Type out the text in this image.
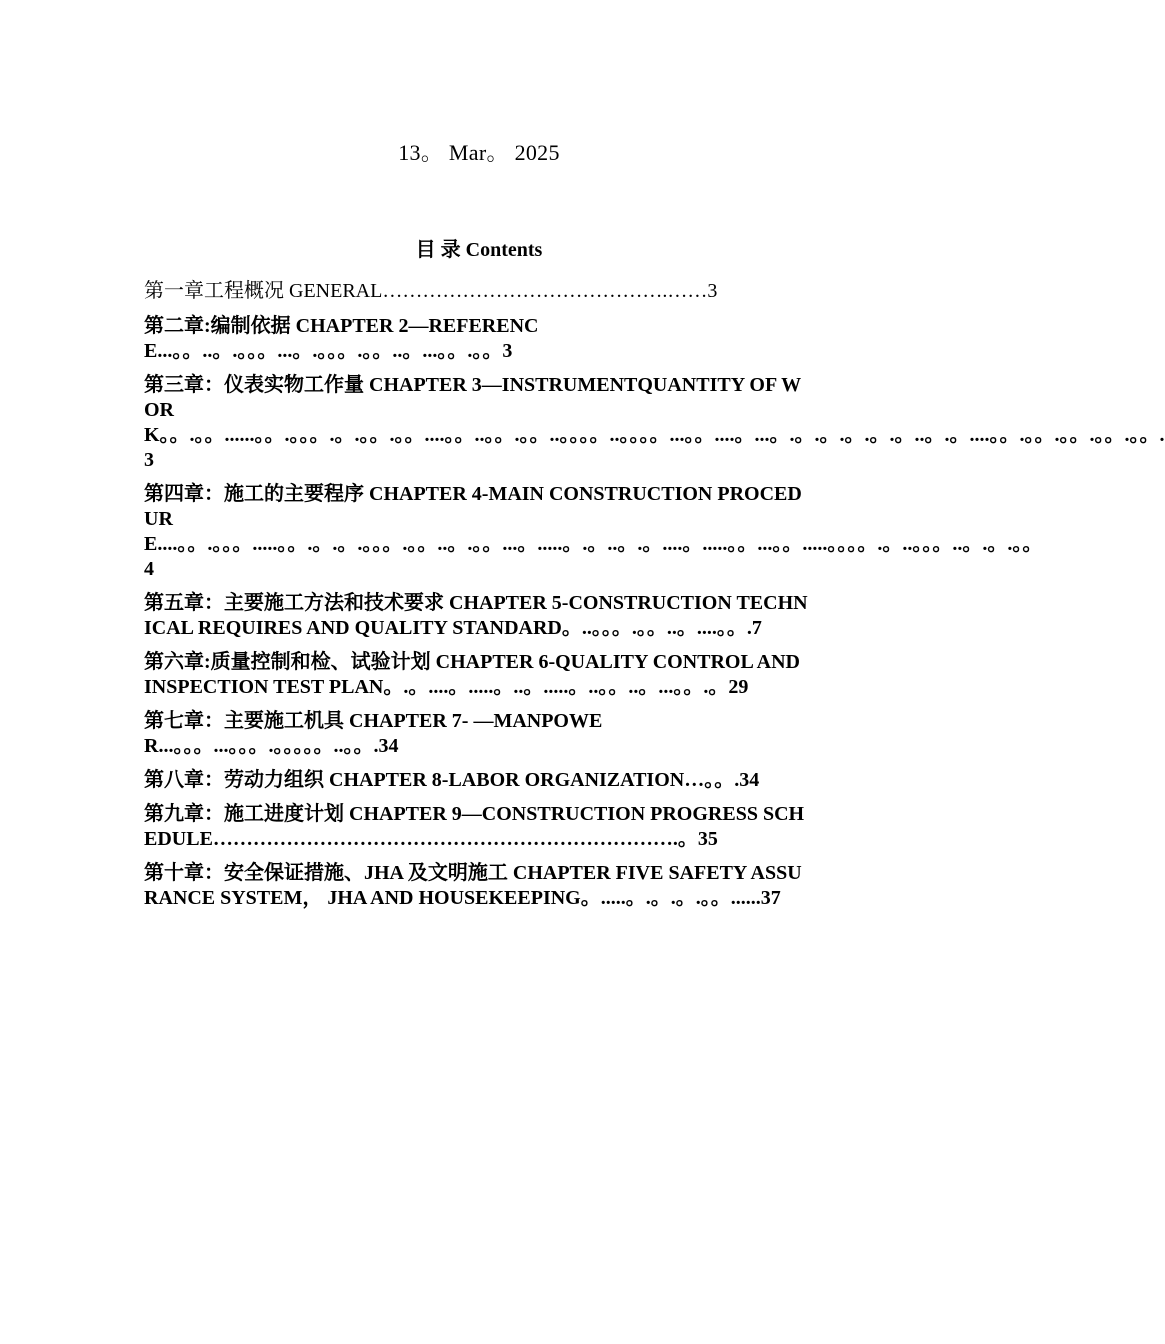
13。 Mar。 2025
目 录 Contents
第一章工程概况 GENERAL…………………………………….……3
第二章:编制依据 CHAPTER 2—REFERENCE...。。..。.。。。...。.。。。.。。..。...。。.。。3
第三章：仪表实物工作量 CHAPTER 3—INSTRUMENTQUANTITY OF WORK。。.。。......。。.。。。.。.。。.。。....。。..。。.。。..。。。。..。。。。...。。....。...。.。.。.。.。.。..。.。....。。.。。.。。.。。.。。.3
第四章：施工的主要程序 CHAPTER 4-MAIN CONSTRUCTION PROCEDURE....。。.。。。.....。。.。.。.。。。.。。..。.。。...。.....。.。..。.。....。.....。。...。。.....。。。。.。..。。。..。.。.。。4
第五章：主要施工方法和技术要求 CHAPTER 5-CONSTRUCTION TECHNICAL REQUIRES AND QUALITY STANDARD。..。。。.。。..。....。。.7
第六章:质量控制和检、试验计划 CHAPTER 6-QUALITY CONTROL AND INSPECTION TEST PLAN。.。....。.....。..。.....。..。。..。...。。.。29
第七章：主要施工机具 CHAPTER 7- —MANPOWER...。。。...。。。.。。。。。..。。.34
第八章：劳动力组织 CHAPTER 8-LABOR ORGANIZATION…。。.34
第九章：施工进度计划 CHAPTER 9—CONSTRUCTION PROGRESS SCHEDULE…………………………………………………………….。35
第十章：安全保证措施、JHA 及文明施工 CHAPTER FIVE SAFETY ASSURANCE SYSTEM， JHA AND HOUSEKEEPING。.....。.。.。.。。......37
